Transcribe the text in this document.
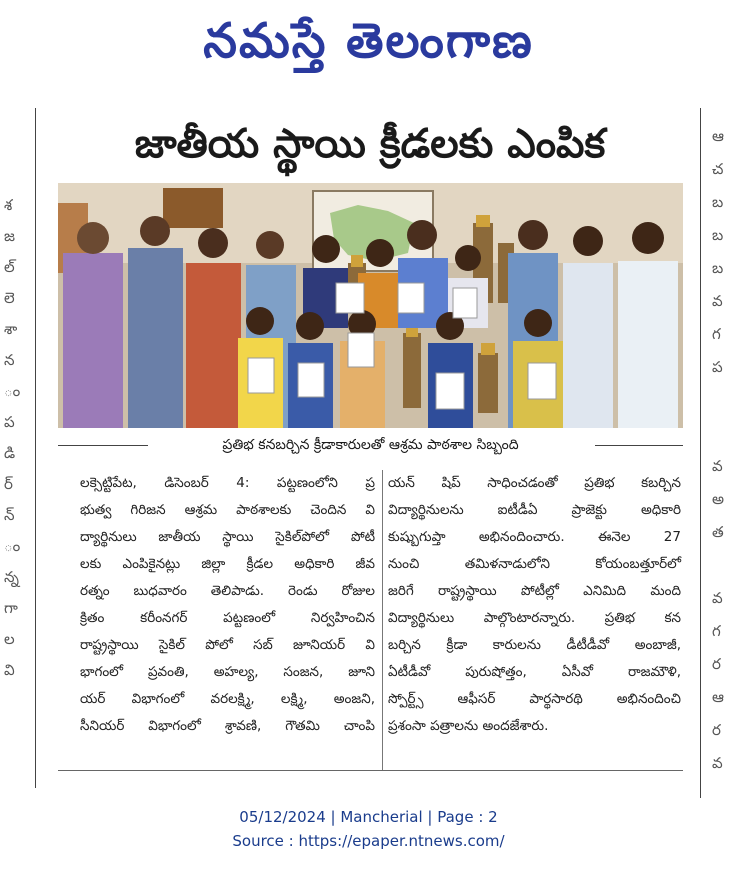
నమస్తే తెలంగాణ
శ
జ
ల్
లె
శా
న
ం
ప
డి
ర్
న్
ం
న్న
గా
ల
వి
ఆ
చ
బ
బ
బ
వ
గ
ప

వ
అ
త

వ
గ
ర
ఆ
ర
వ
జాతీయ స్థాయి క్రీడలకు ఎంపిక
ప్రతిభ కనబర్చిన క్రీడాకారులతో ఆశ్రమ పాఠశాల సిబ్బంది
లక్సెట్టిపేట, డిసెంబర్ 4: పట్టణంలోని ప్ర
భుత్వ గిరిజన ఆశ్రమ పాఠశాలకు చెందిన వి
ద్యార్థినులు జాతీయ స్థాయి సైకిల్‌పోలో పోటీ
లకు ఎంపికైనట్లు జిల్లా క్రీడల అధికారి జీవ
రత్నం బుధవారం తెలిపాడు. రెండు రోజుల
క్రితం కరీంనగర్ పట్టణంలో నిర్వహించిన
రాష్ట్రస్థాయి సైకిల్ పోలో సబ్ జూనియర్ వి
భాగంలో ప్రవంతి, అహల్య, సంజన, జూని
యర్ విభాగంలో వరలక్ష్మి, లక్ష్మి, అంజని,
సీనియర్ విభాగంలో శ్రావణి, గౌతమి చాంపి
యన్ షిప్ సాధించడంతో ప్రతిభ కబర్చిన
విద్యార్థినులను ఐటీడీఏ ప్రాజెక్టు అధికారి
కుష్బుగుప్తా అభినందించారు. ఈనెల 27
నుంచి తమిళనాడులోని కోయంబత్తూర్‌లో
జరిగే రాష్ట్రస్థాయి పోటీల్లో ఎనిమిది మంది
విద్యార్థినులు పాల్గొంటారన్నారు. ప్రతిభ కన
బర్చిన క్రీడా కారులను డీటీడీవో అంబాజీ,
ఏటీడీవో పురుషోత్తం, ఏసీవో రాజమౌళి,
స్పోర్ట్స్ ఆఫీసర్ పార్థసారథి అభినందించి
ప్రశంసా పత్రాలను అందజేశారు.
05/12/2024 | Mancherial | Page : 2
Source : https://epaper.ntnews.com/
